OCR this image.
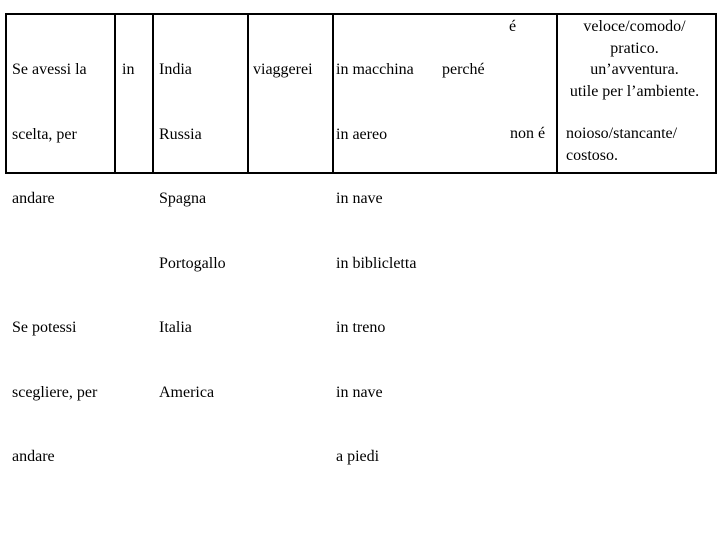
Se avessi la

scelta, per

andare

Se potessi

scegliere, per

andare

in

India

Russia

Spagna

Portogallo

Italia

America

viaggerei

in macchina

in aereo

in nave

in biblicletta

in treno

in nave

a piedi

perché
é
non é
veloce/comodo/
pratico.
un’avventura.
utile per l’ambiente.
noioso/stancante/
costoso.
